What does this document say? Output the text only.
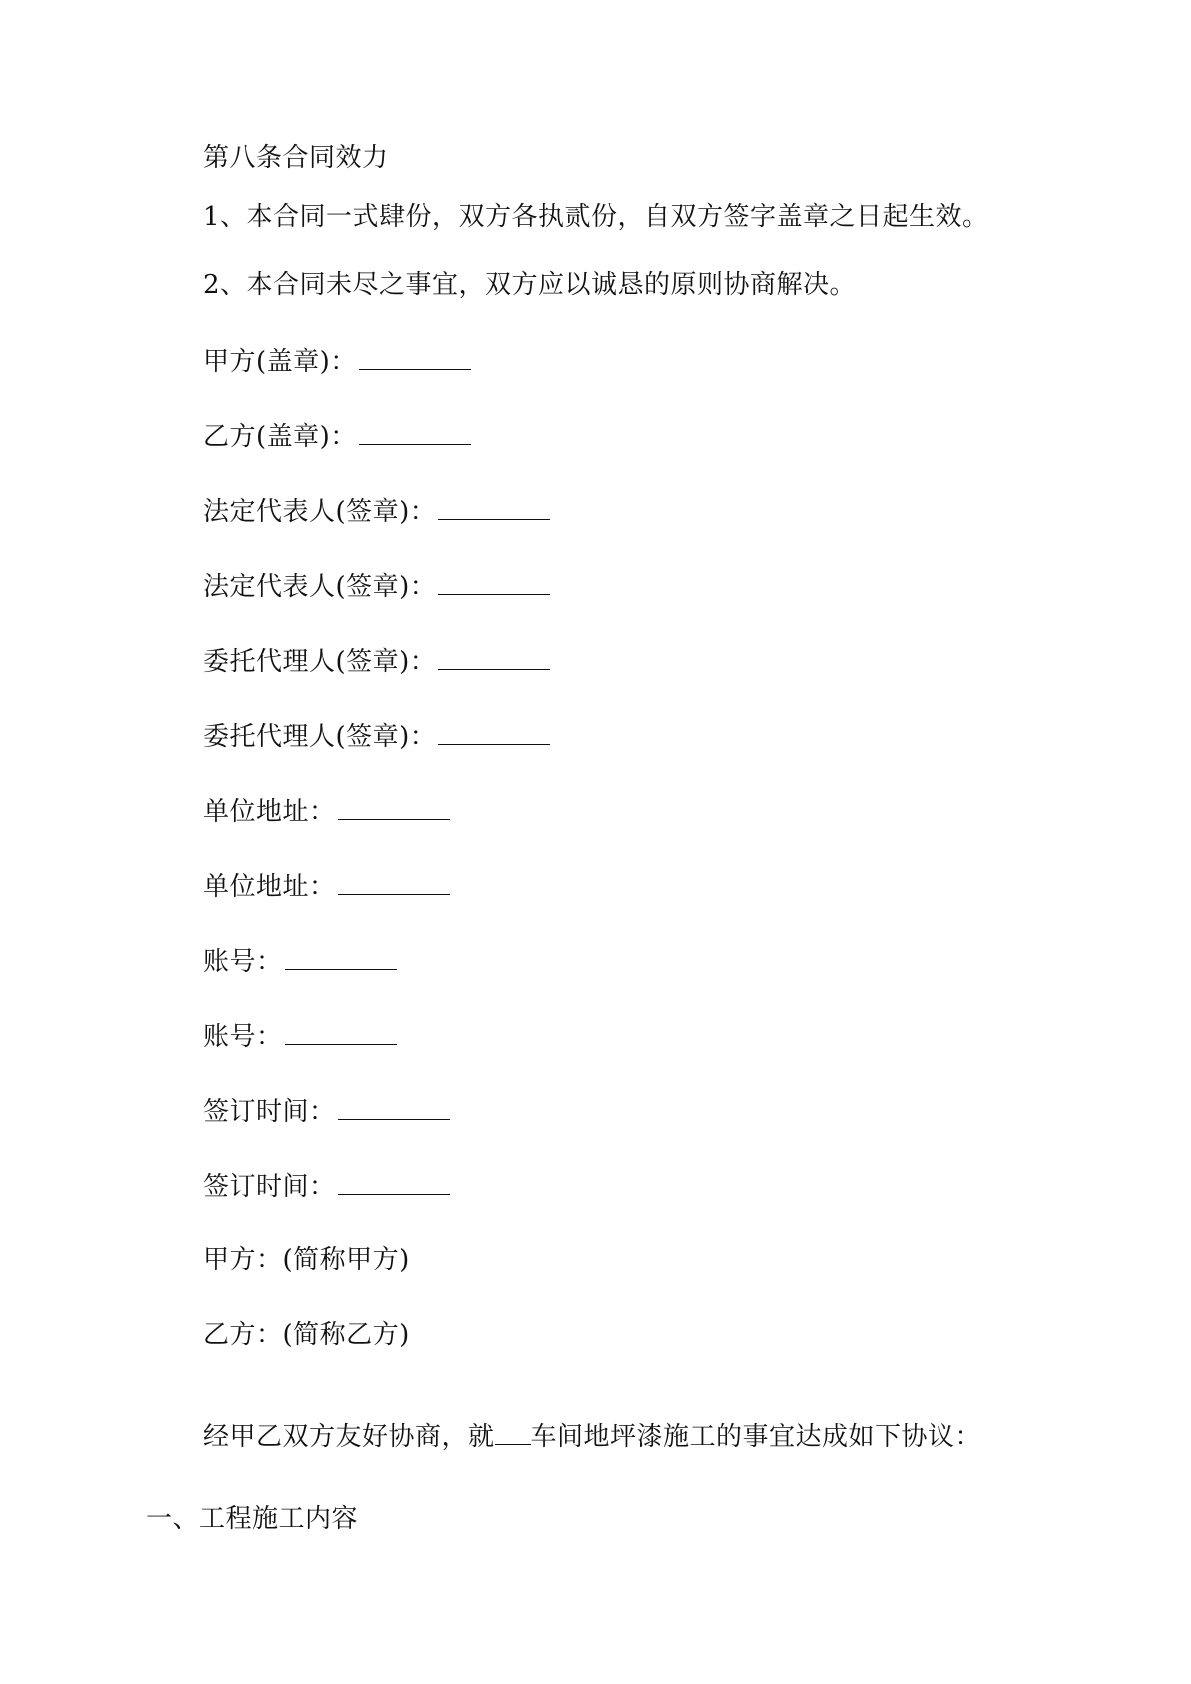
第八条合同效力
1、本合同一式肆份，双方各执贰份，自双方签字盖章之日起生效。
2、本合同未尽之事宜，双方应以诚恳的原则协商解决。
甲方(盖章)：
乙方(盖章)：
法定代表人(签章)：
法定代表人(签章)：
委托代理人(签章)：
委托代理人(签章)：
单位地址：
单位地址：
账号：
账号：
签订时间：
签订时间：
甲方：(简称甲方)
乙方：(简称乙方)
经甲乙双方友好协商，就 车间地坪漆施工的事宜达成如下协议：
一、工程施工内容
